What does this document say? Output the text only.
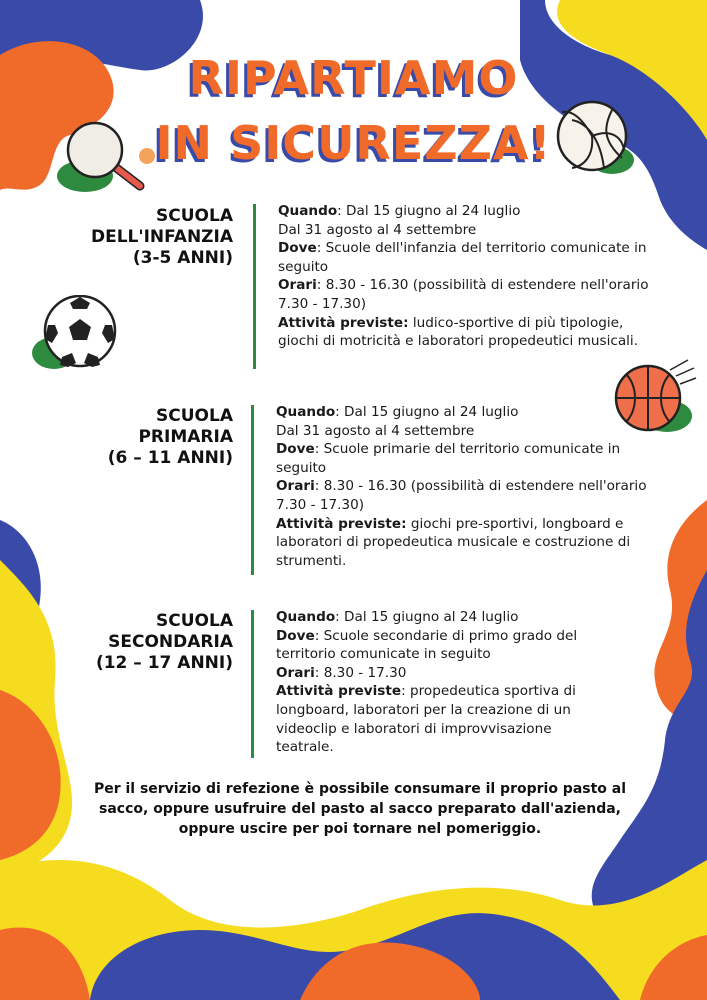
RIPARTIAMO
IN SICUREZZA!
SCUOLA
DELL'INFANZIA
(3-5 ANNI)

Quando: Dal 15 giugno al 24 luglio

Dal 31 agosto al 4 settembre

Dove: Scuole dell'infanzia del territorio comunicate in seguito

Orari: 8.30 - 16.30 (possibilità di estendere nell'orario 7.30 - 17.30)

Attività previste: ludico-sportive di più tipologie, giochi di motricità e laboratori propedeutici musicali.

SCUOLA
PRIMARIA
(6 – 11 ANNI)

Quando: Dal 15 giugno al 24 luglio

Dal 31 agosto al 4 settembre

Dove: Scuole primarie del territorio comunicate in seguito

Orari: 8.30 - 16.30 (possibilità di estendere nell'orario 7.30 - 17.30)

Attività previste: giochi pre-sportivi, longboard e laboratori di propedeutica musicale e costruzione di strumenti.

SCUOLA
SECONDARIA
(12 – 17 ANNI)

Quando: Dal 15 giugno al 24 luglio

Dove: Scuole secondarie di primo grado del territorio comunicate in seguito

Orari: 8.30 - 17.30

Attività previste: propedeutica sportiva di longboard, laboratori per la creazione di un videoclip e laboratori di improvvisazione teatrale.

Per il servizio di refezione è possibile consumare il proprio pasto al sacco, oppure usufruire del pasto al sacco preparato dall'azienda, oppure uscire per poi tornare nel pomeriggio.
